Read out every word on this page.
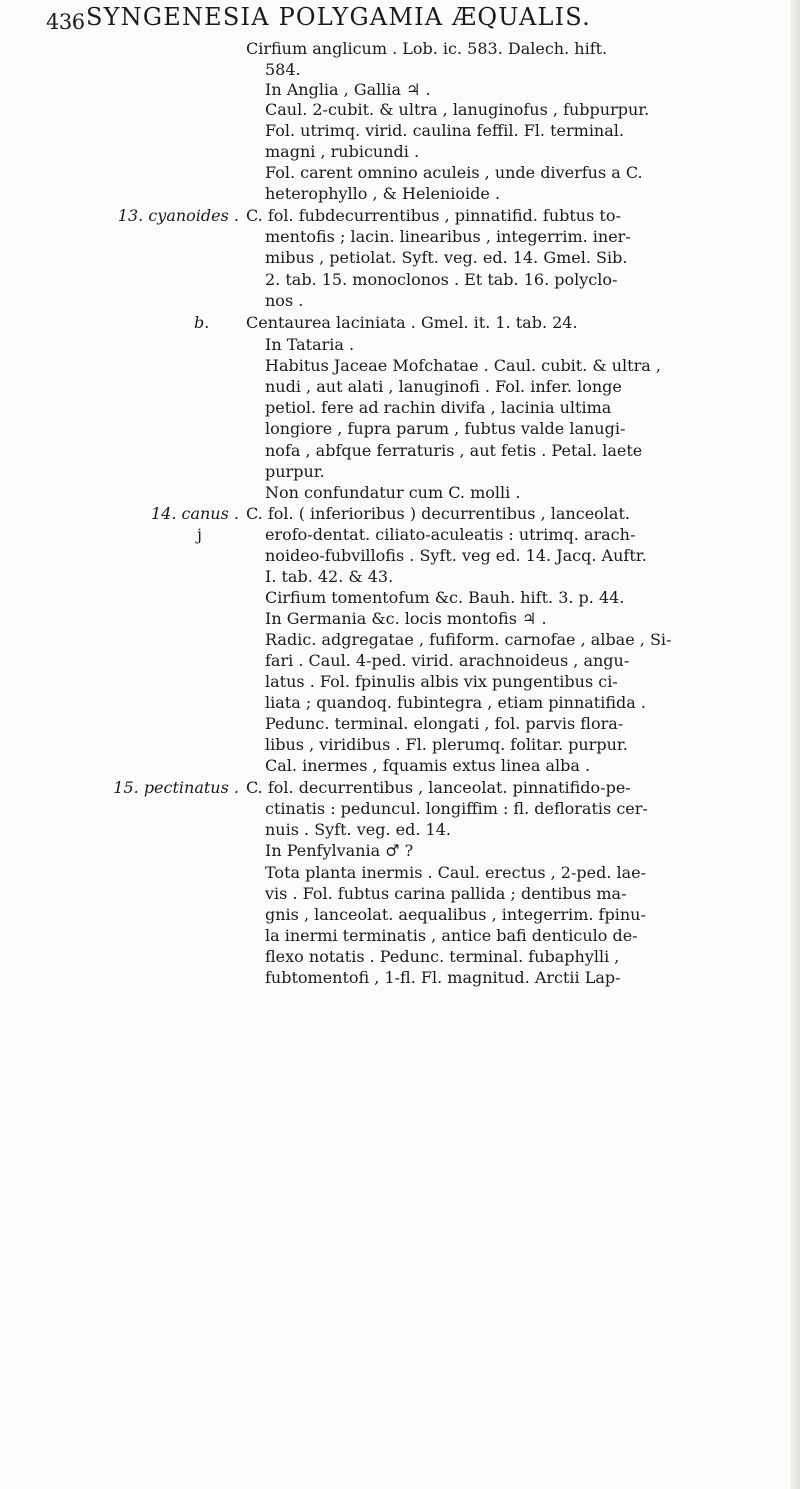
436 SYNGENESIA POLYGAMIA ÆQUALIS.
Cirfium anglicum . Lob. ic. 583. Dalech. hift.
584.
In Anglia , Gallia ♃ .
Caul. 2-cubit. & ultra , lanuginofus , fubpurpur.
Fol. utrimq. virid. caulina feffil. Fl. terminal.
magni , rubicundi .
Fol. carent omnino aculeis , unde diverfus a C.
heterophyllo , & Helenioide .
13. cyanoides . C. fol. fubdecurrentibus , pinnatifid. fubtus to-
mentofis ; lacin. linearibus , integerrim. iner-
mibus , petiolat. Syft. veg. ed. 14. Gmel. Sib.
2. tab. 15. monoclonos . Et tab. 16. polyclo-
nos .
b.	Centaurea laciniata . Gmel. it. 1. tab. 24.
In Tataria .
Habitus Jaceae Mofchatae . Caul. cubit. & ultra ,
nudi , aut alati , lanuginofi . Fol. infer. longe
petiol. fere ad rachin divifa , lacinia ultima
longiore , fupra parum , fubtus valde lanugi-
nofa , abfque ferraturis , aut fetis . Petal. laete
purpur.
Non confundatur cum C. molli .
14. canus . C. fol. ( inferioribus ) decurrentibus , lanceolat.
j	erofo-dentat. ciliato-aculeatis : utrimq. arach-
noideo-fubvillofis . Syft. veg ed. 14. Jacq. Auftr.
I. tab. 42. & 43.
Cirfium tomentofum &c. Bauh. hift. 3. p. 44.
In Germania &c. locis montofis ♃ .
Radic. adgregatae , fufiform. carnofae , albae , Si-
fari . Caul. 4-ped. virid. arachnoideus , angu-
latus . Fol. fpinulis albis vix pungentibus ci-
liata ; quandoq. fubintegra , etiam pinnatifida .
Pedunc. terminal. elongati , fol. parvis flora-
libus , viridibus . Fl. plerumq. folitar. purpur.
Cal. inermes , fquamis extus linea alba .
15. pectinatus . C. fol. decurrentibus , lanceolat. pinnatifido-pe-
ctinatis : peduncul. longiffim : fl. defloratis cer-
nuis . Syft. veg. ed. 14.
In Penfylvania ♂ ?
Tota planta inermis . Caul. erectus , 2-ped. lae-
vis . Fol. fubtus carina pallida ; dentibus ma-
gnis , lanceolat. aequalibus , integerrim. fpinu-
la inermi terminatis , antice bafi denticulo de-
flexo notatis . Pedunc. terminal. fubaphylli ,
fubtomentofi , 1-fl. Fl. magnitud. Arctii Lap-
